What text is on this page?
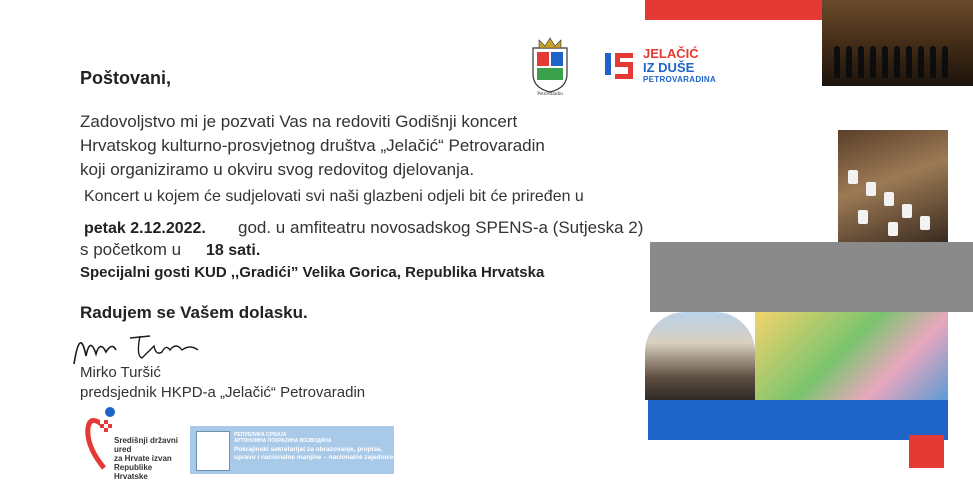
Petrovaradin
JELAČIĆ
IZ DUŠE
PETROVARADINA
Poštovani,
Zadovoljstvo mi je pozvati Vas na redoviti Godišnji koncert
Hrvatskog kulturno-prosvjetnog društva „Jelačić“ Petrovaradin
koji organiziramo u okviru svog redovitog djelovanja.
Koncert u kojem će sudjelovati svi naši glazbeni odjeli bit će priređen u
petak 2.12.2022. god. u amfiteatru novosadskog SPENS-a (Sutjeska 2)
s početkom u 18 sati.
Specijalni gosti KUD ,,Gradići” Velika Gorica, Republika Hrvatska
Radujem se Vašem dolasku.
Mirko Turšić
predsjednik HKPD-a „Jelačić“ Petrovaradin
Središnji državni ured
za Hrvate izvan
Republike Hrvatske
РЕПУБЛИКА СРБИЈА
АУТОНОМНА ПОКРАЈИНА ВОЈВОДИНА
Pokrajinski sekretarijat za obrazovanje, propise,
upravu i nacionalne manjine – nacionalne zajednice
